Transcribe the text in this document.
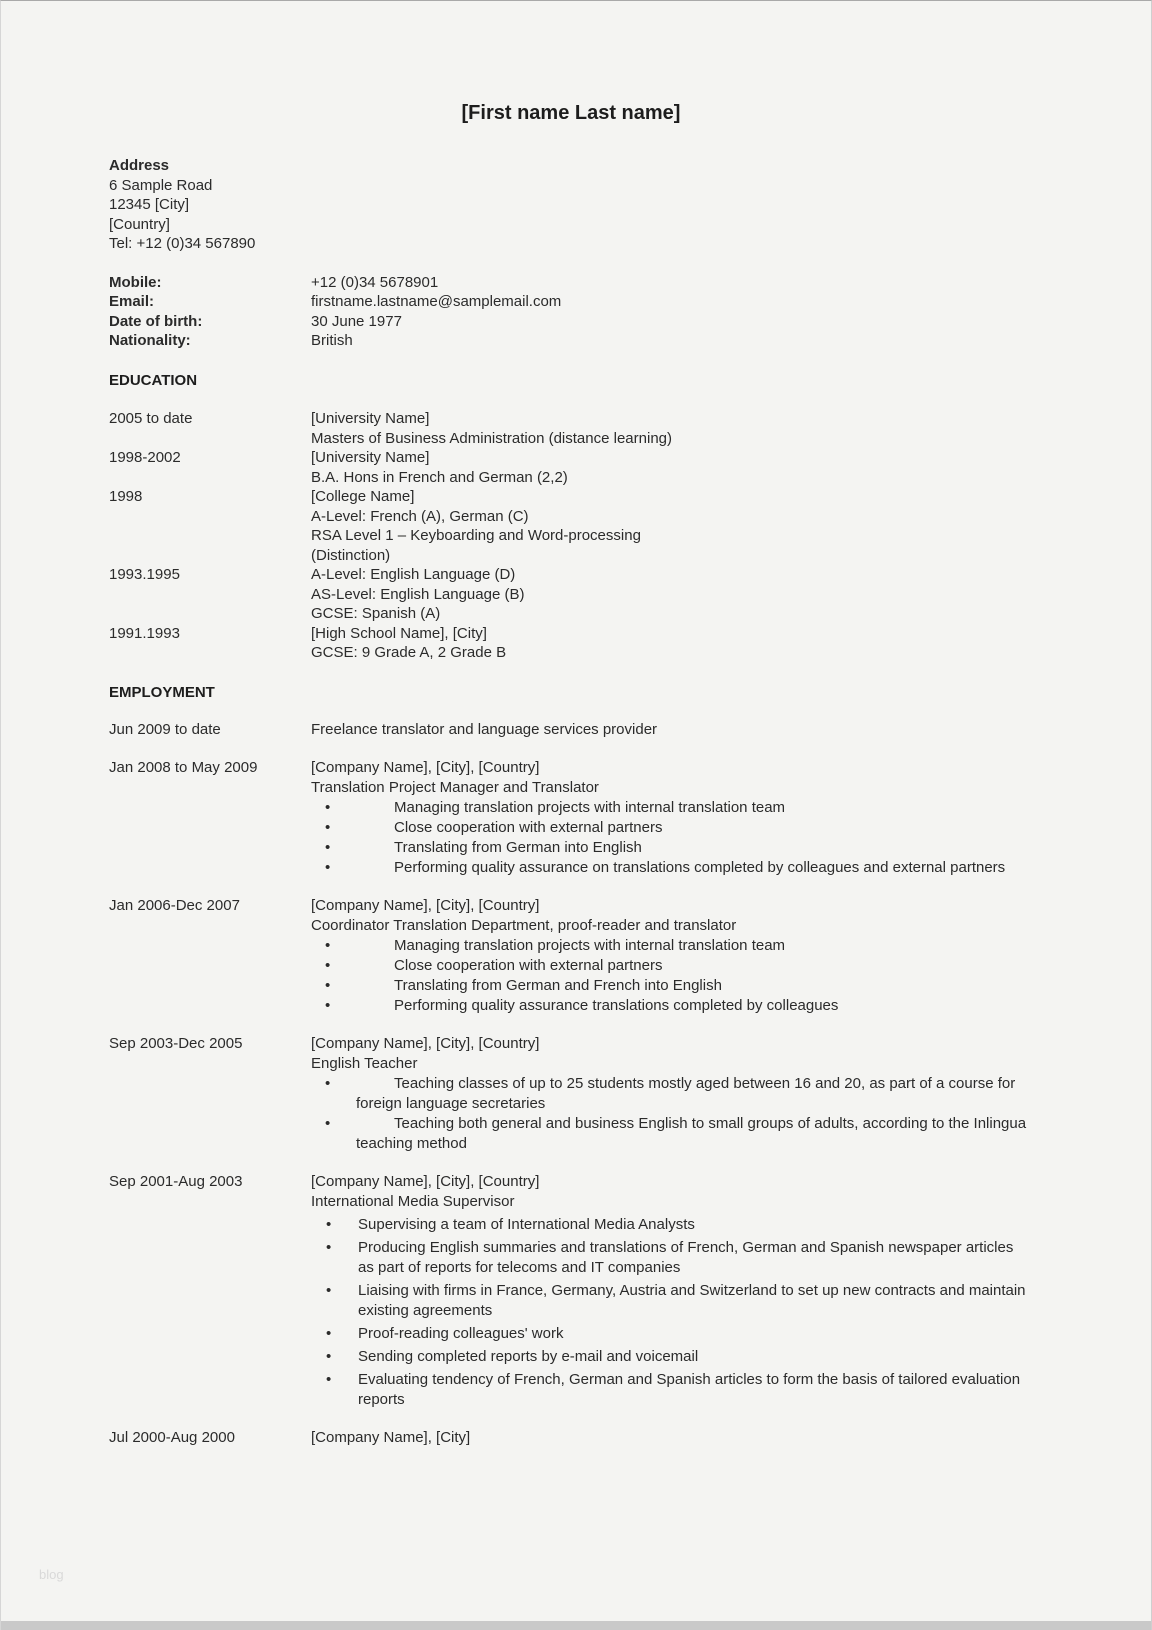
[First name Last name]
Address
6 Sample Road
12345 [City]
[Country]
Tel: +12 (0)34 567890
Mobile:	+12 (0)34 5678901
Email:	firstname.lastname@samplemail.com
Date of birth:	30 June 1977
Nationality:	British
EDUCATION
2005 to date	[University Name]
Masters of Business Administration (distance learning)
1998-2002	[University Name]
B.A. Hons in French and German (2,2)
1998	[College Name]
A-Level: French (A), German (C)
RSA Level 1 – Keyboarding and Word-processing
(Distinction)
1993.1995	A-Level: English Language (D)
AS-Level: English Language (B)
GCSE: Spanish (A)
1991.1993	[High School Name], [City]
GCSE: 9 Grade A, 2 Grade B
EMPLOYMENT
Jun 2009 to date	Freelance translator and language services provider
Jan 2008 to May 2009	[Company Name], [City], [Country]
Translation Project Manager and Translator
• Managing translation projects with internal translation team
• Close cooperation with external partners
• Translating from German into English
• Performing quality assurance on translations completed by colleagues and external partners
Jan 2006-Dec 2007	[Company Name], [City], [Country]
Coordinator Translation Department, proof-reader and translator
• Managing translation projects with internal translation team
• Close cooperation with external partners
• Translating from German and French into English
• Performing quality assurance translations completed by colleagues
Sep 2003-Dec 2005	[Company Name], [City], [Country]
English Teacher
• Teaching classes of up to 25 students mostly aged between 16 and 20, as part of a course for foreign language secretaries
• Teaching both general and business English to small groups of adults, according to the Inlingua teaching method
Sep 2001-Aug 2003	[Company Name], [City], [Country]
International Media Supervisor
• Supervising a team of International Media Analysts
• Producing English summaries and translations of French, German and Spanish newspaper articles as part of reports for telecoms and IT companies
• Liaising with firms in France, Germany, Austria and Switzerland to set up new contracts and maintain existing agreements
• Proof-reading colleagues' work
• Sending completed reports by e-mail and voicemail
• Evaluating tendency of French, German and Spanish articles to form the basis of tailored evaluation reports
Jul 2000-Aug 2000	[Company Name], [City]
blog
